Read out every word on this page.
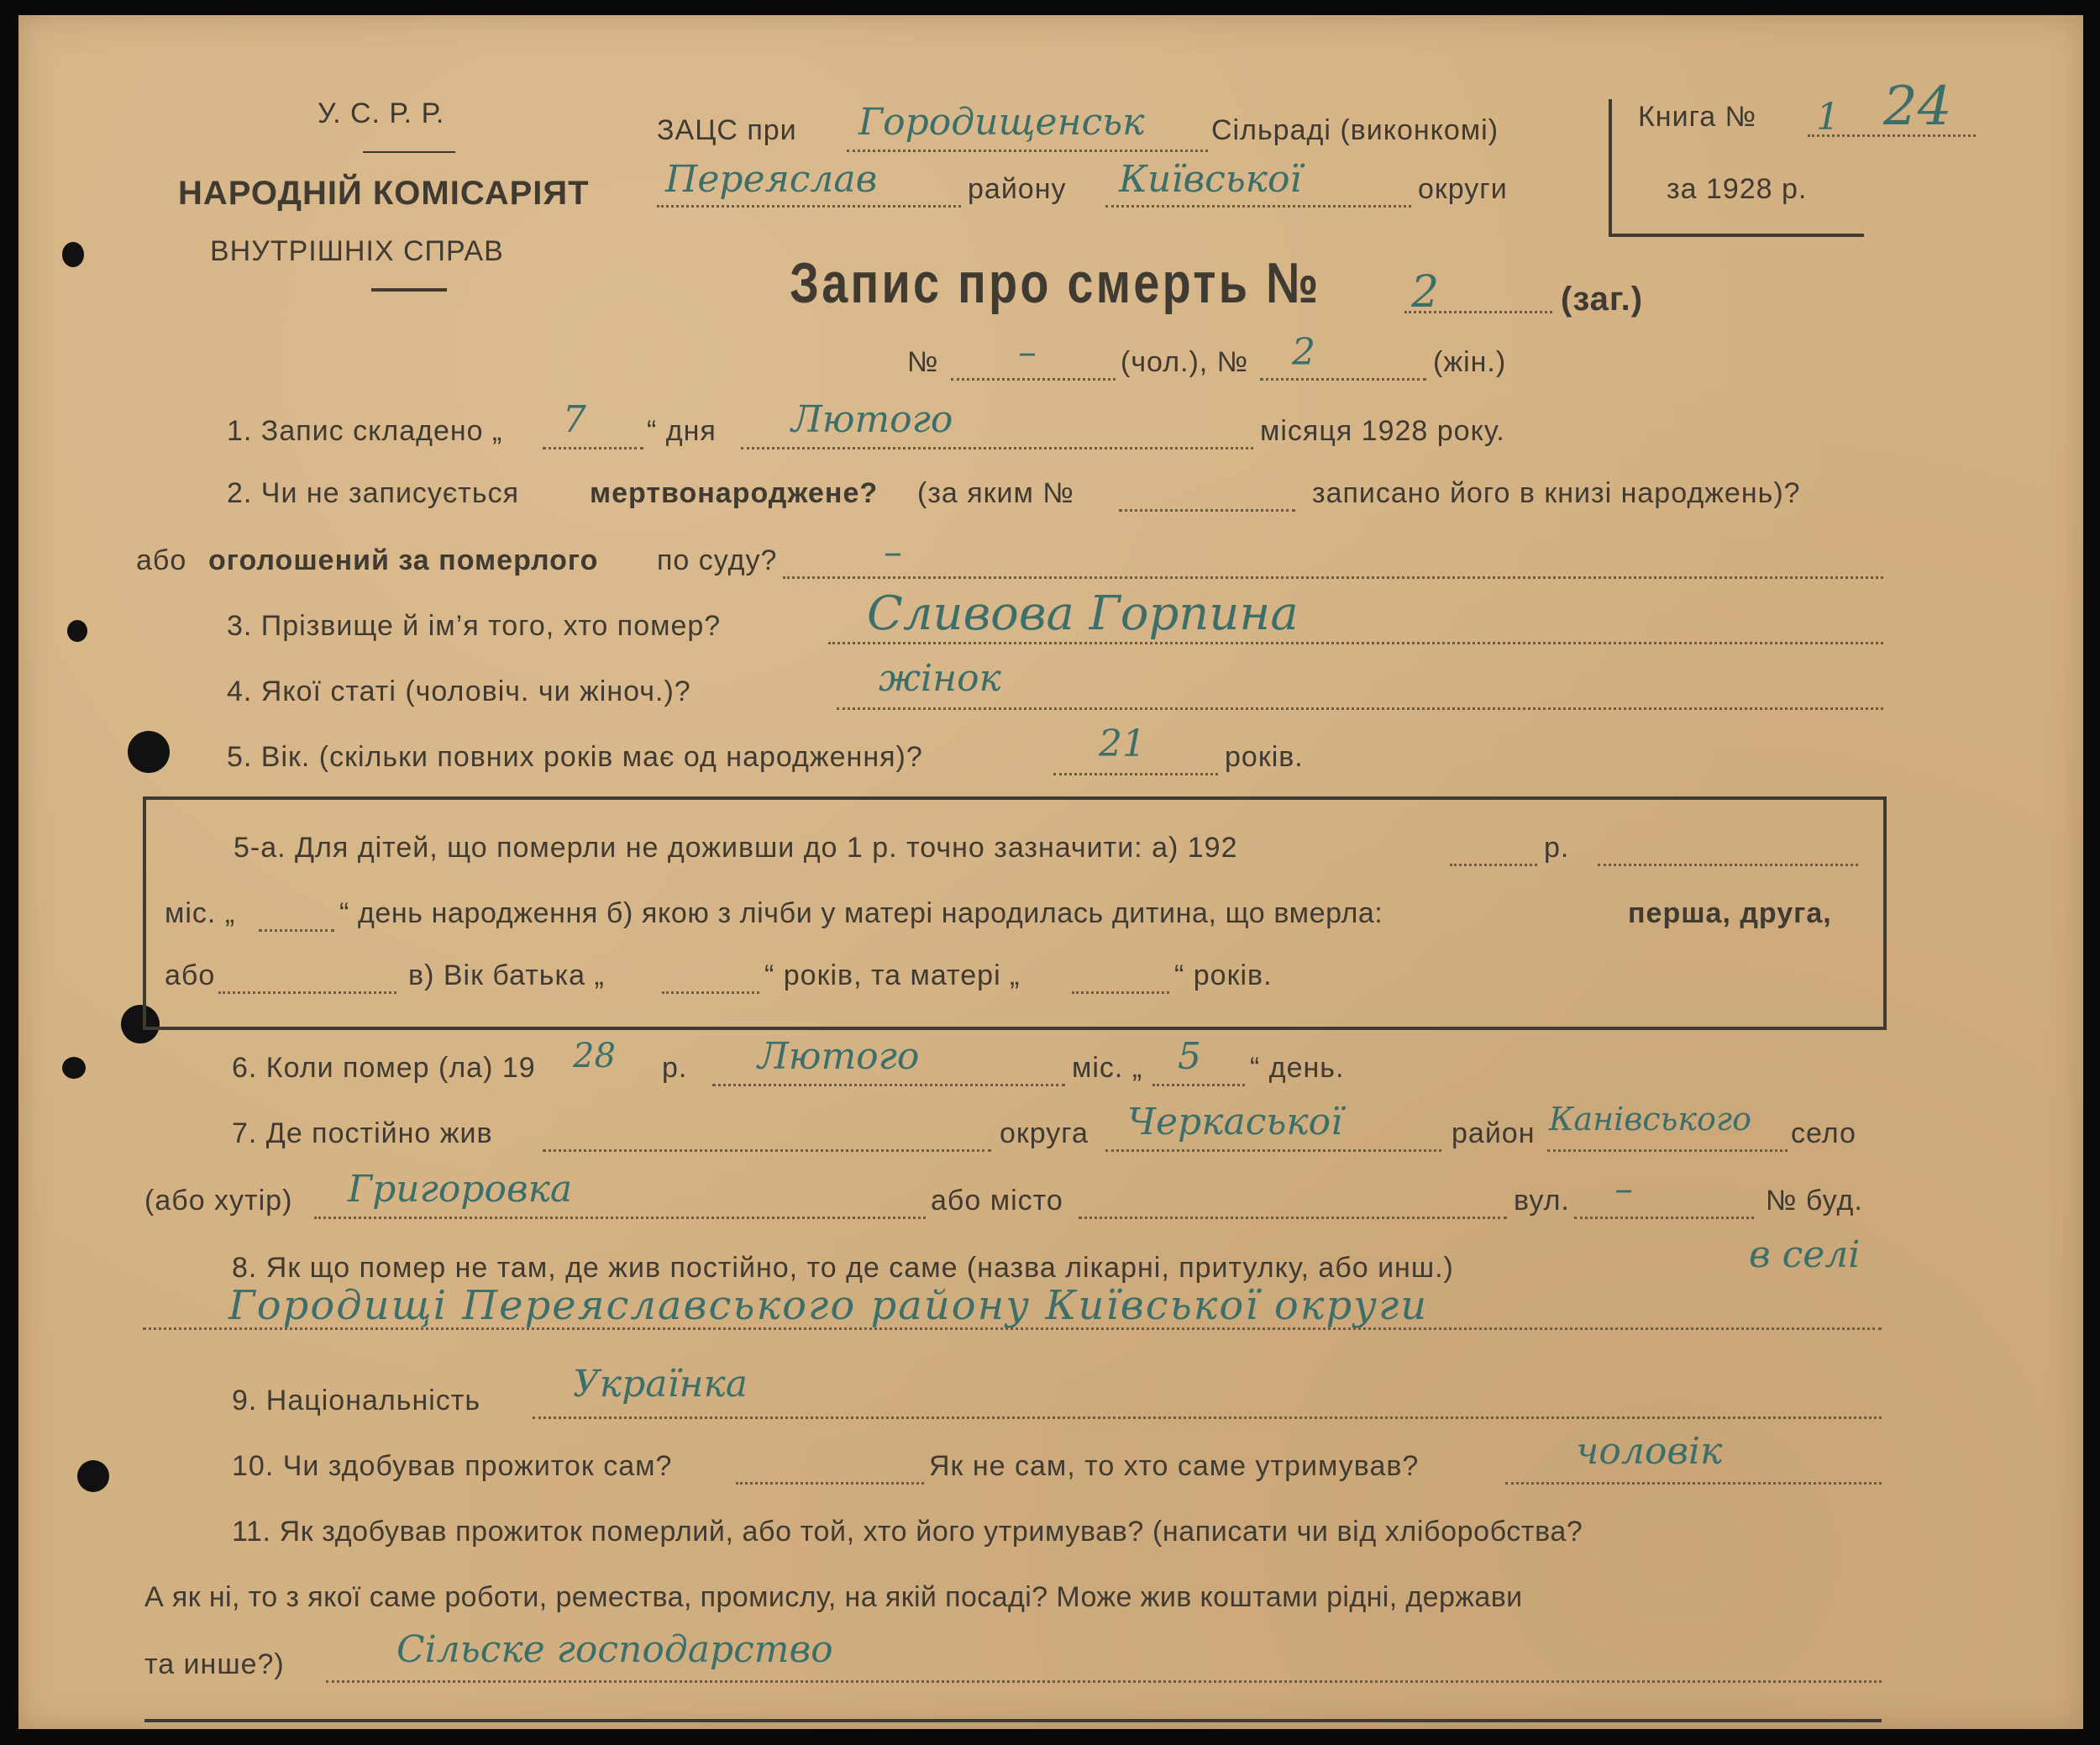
У. С. Р. Р.
НАРОДНІЙ КОМІСАРІЯТ
ВНУТРІШНІХ СПРАВ
ЗАЦС при Городищенськ Сільраді (виконкомі)
Переяслав	району Київської	округи
Книга № 1 24
за 1928 р.
Запис про смерть № 2	(заг.)
№ –	(чол.), № 2	(жін.)
1. Запис складено „ 7 “ дня Лютого	місяця 1928 року.
2. Чи не записується мертвонароджене? (за яким №	записано його в книзі народжень)?
або оголошений за померлого по суду?	–
3. Прізвище й ім’я того, хто помер?	Сливова Горпина
4. Якої статі (чоловіч. чи жіноч.)?	жінок
5. Вік. (скільки повних років має од народження)?	21	років.
5-а. Для дітей, що померли не доживши до 1 р. точно зазначити: а) 192	р.
міс. „	“ день народження б) якою з лічби у матері народилась дитина, що вмерла:	перша, друга,
або	в) Вік батька „	“ років, та матері „	“ років.
6. Коли помер (ла) 19 28 р. Лютого	міс. „ 5 “ день.
7. Де постійно жив	округа Черкаської	район Канівського село
(або хутір) Григоровка	або місто	вул. –	№ буд.
8. Як що помер не там, де жив постійно, то де саме (назва лікарні, притулку, або инш.)	в селі
Городищі Переяславського району Київської округи
9. Національність Українка
10. Чи здобував прожиток сам?	Як не сам, то хто саме утримував?	чоловік
11. Як здобував прожиток померлий, або той, хто його утримував? (написати чи від хліборобства?
А як ні, то з якої саме роботи, ремества, промислу, на якій посаді? Може жив коштами рідні, держави
та инше?)	Сільске господарство
